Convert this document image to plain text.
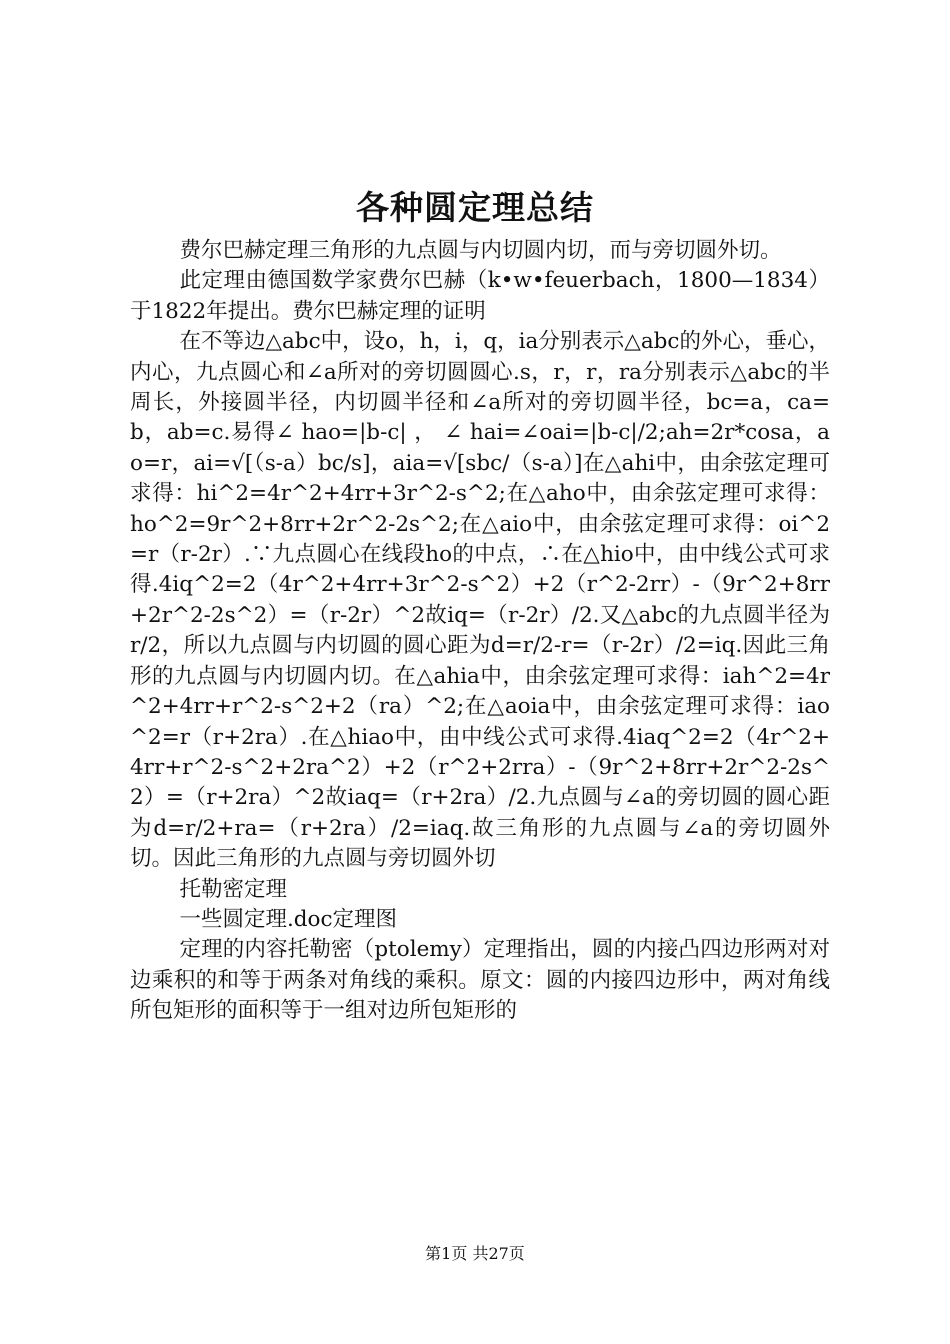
各种圆定理总结

费尔巴赫定理三角形的九点圆与内切圆内切，而与旁切圆外切。

此定理由德国数学家费尔巴赫（k•w•feuerbach，1800—1834）于1822年提出。费尔巴赫定理的证明

在不等边△abc中，设o，h，i，q，ia分别表示△abc的外心，垂心，内心，九点圆心和∠a所对的旁切圆圆心.s，r，r，ra分别表示△abc的半周长，外接圆半径，内切圆半径和∠a所对的旁切圆半径，bc=a，ca=b，ab=c.易得∠ hao=|b-c| ， ∠ hai=∠oai=|b-c|/2;ah=2r*cosa，ao=r，ai=√[（s-a）bc/s]，aia=√[sbc/（s-a）]在△ahi中，由余弦定理可求得：hi^2=4r^2+4rr+3r^2-s^2;在△aho中，由余弦定理可求得：ho^2=9r^2+8rr+2r^2-2s^2;在△aio中，由余弦定理可求得：oi^2=r（r-2r）.∵九点圆心在线段ho的中点，∴在△hio中，由中线公式可求得.4iq^2=2（4r^2+4rr+3r^2-s^2）+2（r^2-2rr）-（9r^2+8rr+2r^2-2s^2）=（r-2r）^2故iq=（r-2r）/2.又△abc的九点圆半径为r/2，所以九点圆与内切圆的圆心距为d=r/2-r=（r-2r）/2=iq.因此三角形的九点圆与内切圆内切。在△ahia中，由余弦定理可求得：iah^2=4r^2+4rr+r^2-s^2+2（ra）^2;在△aoia中，由余弦定理可求得：iao^2=r（r+2ra）.在△hiao中，由中线公式可求得.4iaq^2=2（4r^2+4rr+r^2-s^2+2ra^2）+2（r^2+2rra）-（9r^2+8rr+2r^2-2s^2）=（r+2ra）^2故iaq=（r+2ra）/2.九点圆与∠a的旁切圆的圆心距为d=r/2+ra=（r+2ra）/2=iaq.故三角形的九点圆与∠a的旁切圆外切。因此三角形的九点圆与旁切圆外切

托勒密定理

一些圆定理.doc定理图

定理的内容托勒密（ptolemy）定理指出，圆的内接凸四边形两对对边乘积的和等于两条对角线的乘积。原文：圆的内接四边形中，两对角线所包矩形的面积等于一组对边所包矩形的

第1页 共27页
